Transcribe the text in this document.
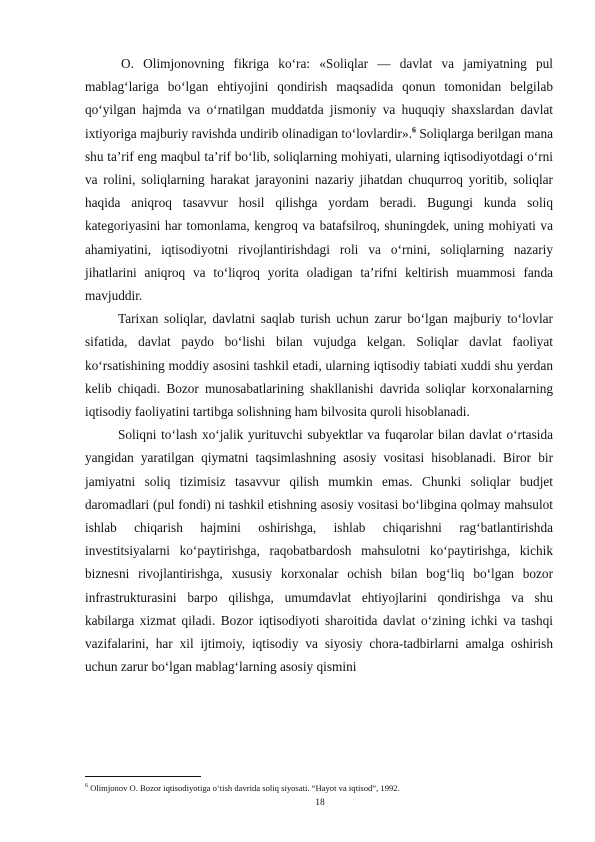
O. Olimjonovning fikriga ko‘ra: «Soliqlar — davlat va jamiyatning pul mablag‘lariga bo‘lgan ehtiyojini qondirish maqsadida qonun tomonidan belgilab qo‘yilgan hajmda va o‘rnatilgan muddatda jismoniy va huquqiy shaxslardan davlat ixtiyoriga majburiy ravishda undirib olinadigan to‘lovlardir».$^6$ Soliqlarga berilgan mana shu ta’rif eng maqbul ta’rif bo‘lib, soliqlarning mohiyati, ularning iqtisodiyotdagi o‘rni va rolini, soliqlarning harakat jarayonini nazariy jihatdan chuqurroq yoritib, soliqlar haqida aniqroq tasavvur hosil qilishga yordam beradi. Bugungi kunda soliq kategoriyasini har tomonlama, kengroq va batafsilroq, shuningdek, uning mohiyati va ahamiyatini, iqtisodiyotni rivojlantirishdagi roli va o‘rnini, soliqlarning nazariy jihatlarini aniqroq va to‘liqroq yorita oladigan ta’rifni keltirish muammosi fanda mavjuddir.

Tarixan soliqlar, davlatni saqlab turish uchun zarur bo‘lgan majburiy to‘lovlar sifatida, davlat paydo bo‘lishi bilan vujudga kelgan. Soliqlar davlat faoliyat ko‘rsatishining moddiy asosini tashkil etadi, ularning iqtisodiy tabiati xuddi shu yerdan kelib chiqadi. Bozor munosabatlarining shakllanishi davrida soliqlar korxonalarning iqtisodiy faoliyatini tartibga solishning ham bilvosita quroli hisoblanadi.

Soliqni to‘lash xo‘jalik yurituvchi subyektlar va fuqarolar bilan davlat o‘rtasida yangidan yaratilgan qiymatni taqsimlashning asosiy vositasi hisoblanadi. Biror bir jamiyatni soliq tizimisiz tasavvur qilish mumkin emas. Chunki soliqlar budjet daromadlari (pul fondi) ni tashkil etishning asosiy vositasi bo‘libgina qolmay mahsulot ishlab chiqarish hajmini oshirishga, ishlab chiqarishni rag‘batlantirishda investitsiyalarni ko‘paytirishga, raqobatbardosh mahsulotni ko‘paytirishga, kichik biznesni rivojlantirishga, xususiy korxonalar ochish bilan bog‘liq bo‘lgan bozor infrastrukturasini barpo qilishga, umumdavlat ehtiyojlarini qondirishga va shu kabilarga xizmat qiladi. Bozor iqtisodiyoti sharoitida davlat o‘zining ichki va tashqi vazifalarini, har xil ijtimoiy, iqtisodiy va siyosiy chora-tadbirlarni amalga oshirish uchun zarur bo‘lgan mablag‘larning asosiy qismini

$^6$ Olimjonov O. Bozor iqtisodiyotiga o‘tish davrida soliq siyosati. “Hayot va iqtisod”, 1992.
18
